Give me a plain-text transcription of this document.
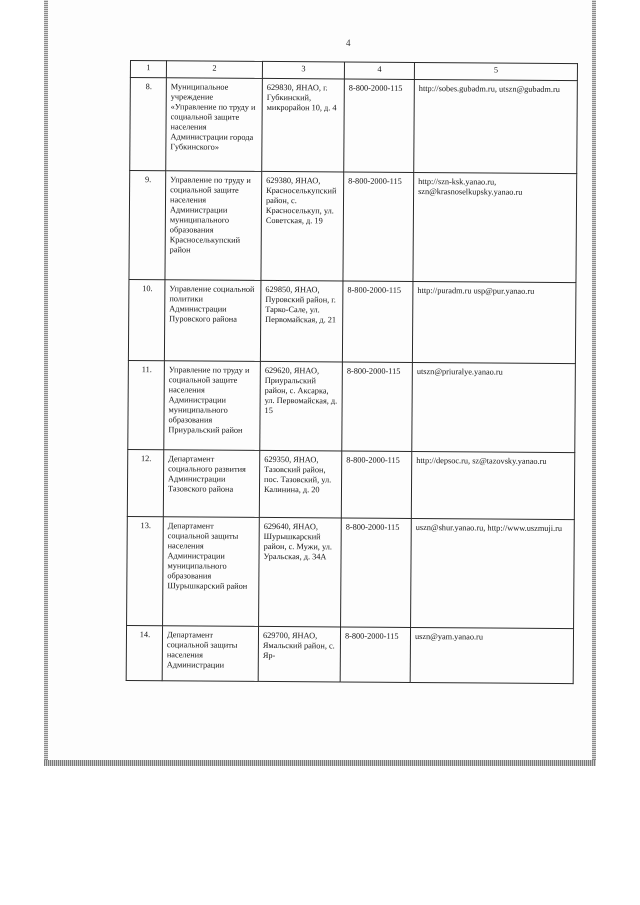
4
1	2	3	4	5
8.	Муниципальное учреждение «Управление по труду и социальной защите населения Администрации города Губкинского»	629830, ЯНАО, г. Губкинский, микрорайон 10, д. 4	8-800-2000-115	http://sobes.gubadm.ru, utszn@gubadm.ru
9.	Управление по труду и социальной защите населения Администрации муниципального образования Красноселькупский район	629380, ЯНАО, Красноселькупский район, с. Красноселькуп, ул. Советская, д. 19	8-800-2000-115	http://szn-ksk.yanao.ru, szn@krasnoselkupsky.yanao.ru
10.	Управление социальной политики Администрации Пуровского района	629850, ЯНАО, Пуровский район, г. Тарко-Сале, ул. Первомайская, д. 21	8-800-2000-115	http://puradm.ru usp@pur.yanao.ru
11.	Управление по труду и социальной защите населения Администрации муниципального образования Приуральский район	629620, ЯНАО, Приуральский район, с. Аксарка, ул. Первомайская, д. 15	8-800-2000-115	utszn@priuralye.yanao.ru
12.	Департамент социального развития Администрации Тазовского района	629350, ЯНАО, Тазовский район, пос. Тазовский, ул. Калинина, д. 20	8-800-2000-115	http://depsoc.ru, sz@tazovsky.yanao.ru
13.	Департамент социальной защиты населения Администрации муниципального образования Шурышкарский район	629640, ЯНАО, Шурышкарский район, с. Мужи, ул. Уральская, д. 34А	8-800-2000-115	uszn@shur.yanao.ru, http://www.uszmuji.ru
14.	Департамент социальной защиты населения Администрации	629700, ЯНАО, Ямальский район, с. Яр-	8-800-2000-115	uszn@yam.yanao.ru
